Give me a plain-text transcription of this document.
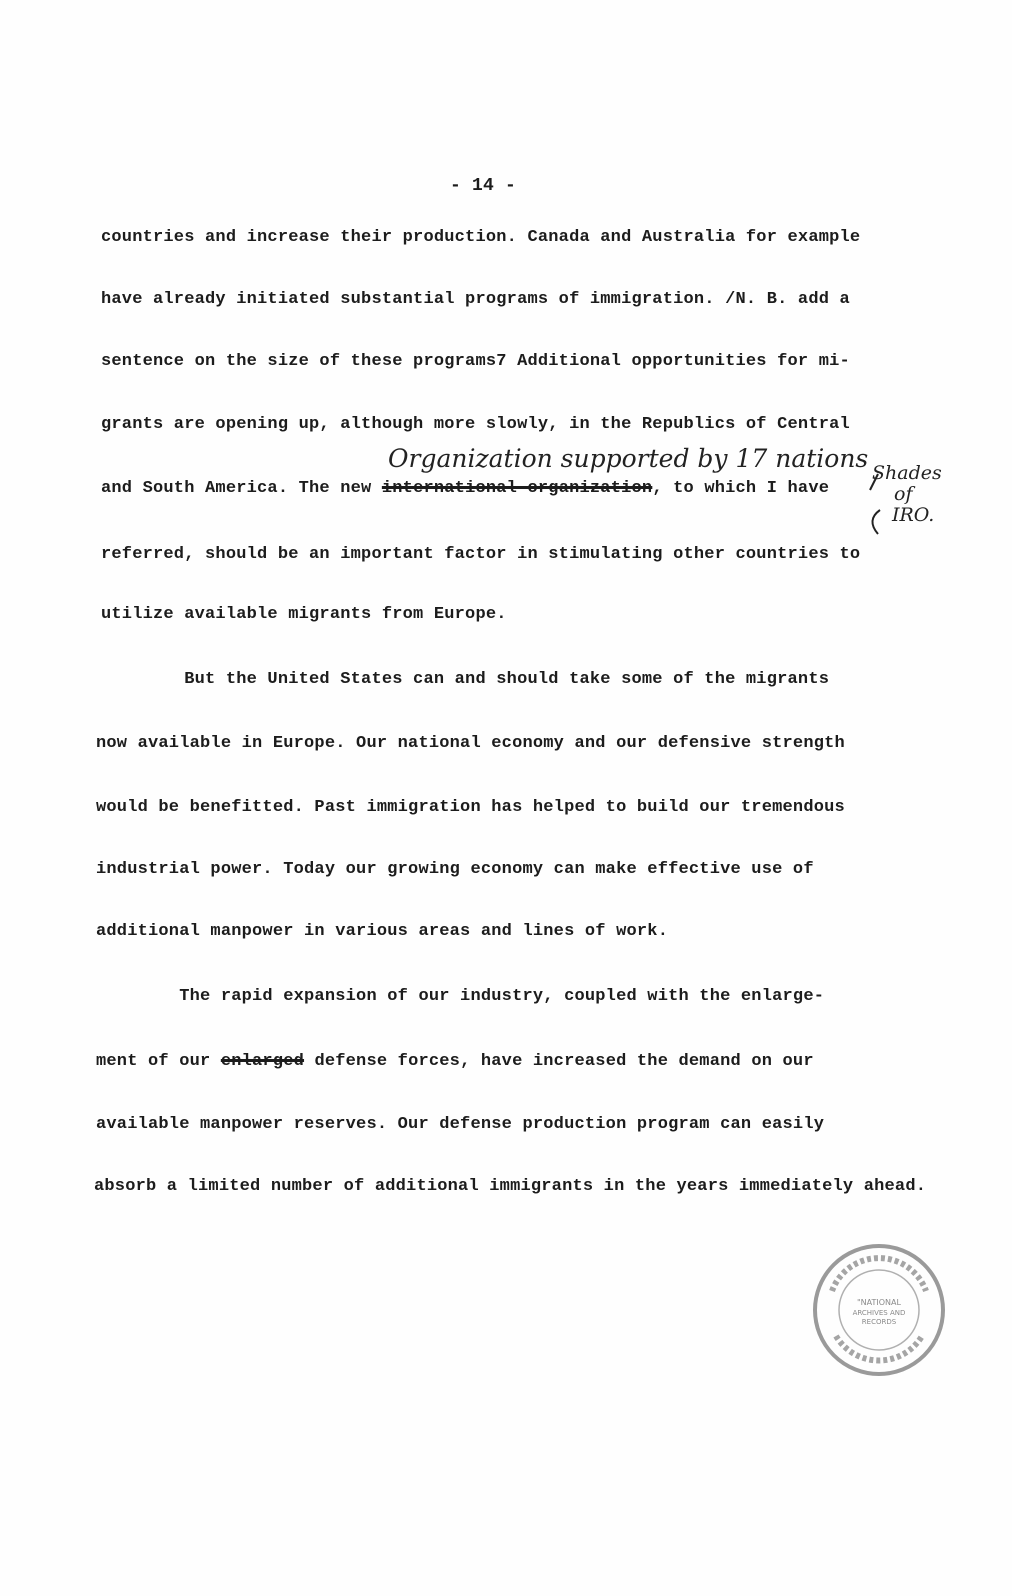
- 14 -
countries and increase their production. Canada and Australia for example
have already initiated substantial programs of immigration. /N. B. add a
sentence on the size of these programs7 Additional opportunities for mi-
grants are opening up, although more slowly, in the Republics of Central
and South America. The new international organization, to which I have
Organization supported by 17 nations Shades
of
IRO.
referred, should be an important factor in stimulating other countries to
utilize available migrants from Europe.
But the United States can and should take some of the migrants
now available in Europe. Our national economy and our defensive strength
would be benefitted. Past immigration has helped to build our tremendous
industrial power. Today our growing economy can make effective use of
additional manpower in various areas and lines of work.
The rapid expansion of our industry, coupled with the enlarge-
ment of our enlarged defense forces, have increased the demand on our
available manpower reserves. Our defense production program can easily
absorb a limited number of additional immigrants in the years immediately ahead.
"NATIONAL
ARCHIVES AND
RECORDS
